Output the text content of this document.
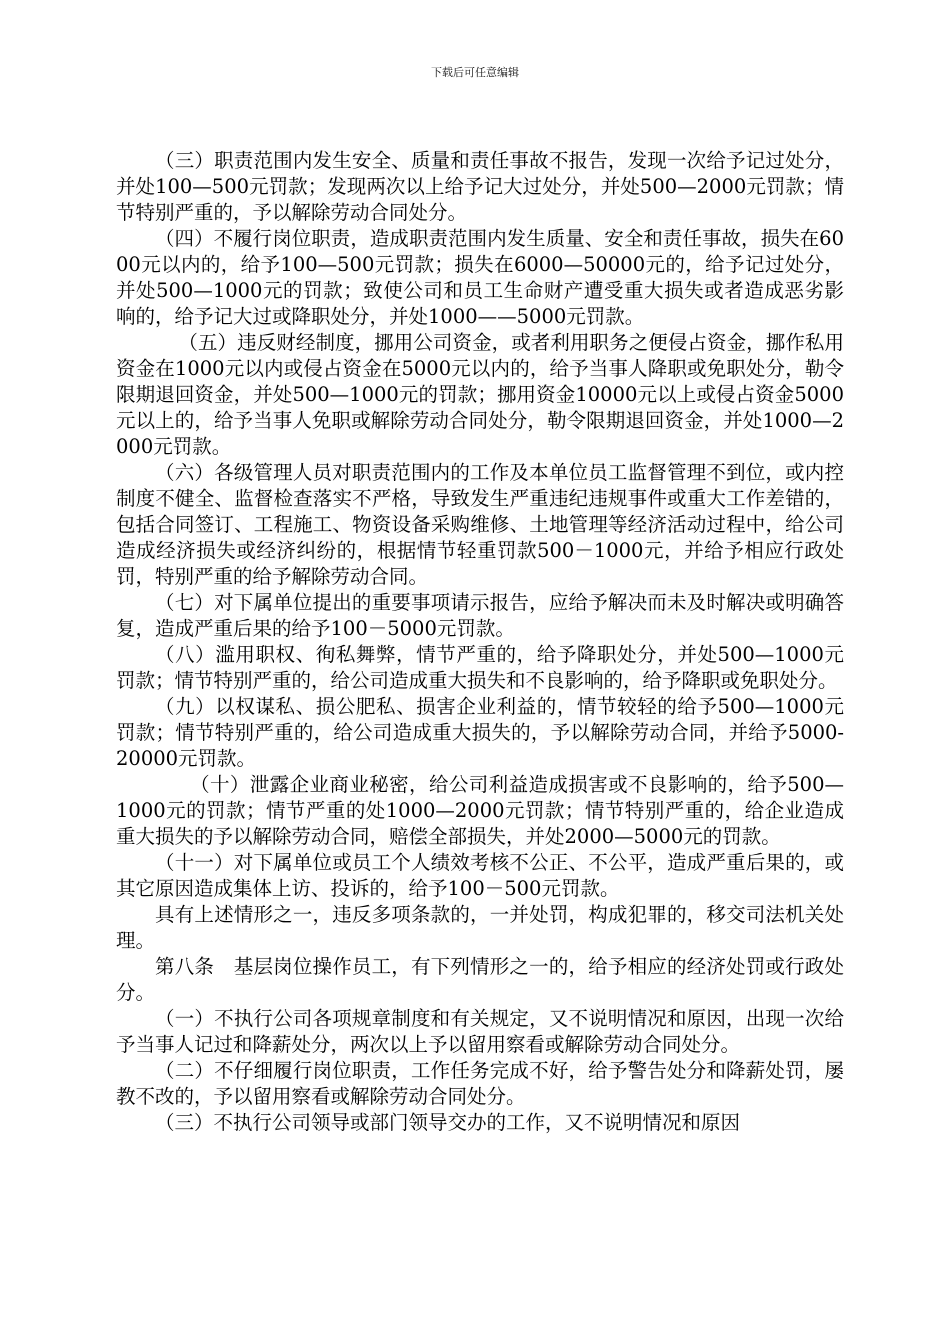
下载后可任意编辑

（三）职责范围内发生安全、质量和责任事故不报告，发现一次给予记过处分，并处100—500元罚款；发现两次以上给予记大过处分，并处500—2000元罚款；情节特别严重的，予以解除劳动合同处分。

（四）不履行岗位职责，造成职责范围内发生质量、安全和责任事故，损失在6000元以内的，给予100—500元罚款；损失在6000—50000元的，给予记过处分，并处500—1000元的罚款；致使公司和员工生命财产遭受重大损失或者造成恶劣影响的，给予记大过或降职处分，并处1000——5000元罚款。

（五）违反财经制度，挪用公司资金，或者利用职务之便侵占资金，挪作私用资金在1000元以内或侵占资金在5000元以内的，给予当事人降职或免职处分，勒令限期退回资金，并处500—1000元的罚款；挪用资金10000元以上或侵占资金5000元以上的，给予当事人免职或解除劳动合同处分，勒令限期退回资金，并处1000—2000元罚款。

（六）各级管理人员对职责范围内的工作及本单位员工监督管理不到位，或内控制度不健全、监督检查落实不严格，导致发生严重违纪违规事件或重大工作差错的，包括合同签订、工程施工、物资设备采购维修、土地管理等经济活动过程中，给公司造成经济损失或经济纠纷的，根据情节轻重罚款500－1000元，并给予相应行政处罚，特别严重的给予解除劳动合同。

（七）对下属单位提出的重要事项请示报告，应给予解决而未及时解决或明确答复，造成严重后果的给予100－5000元罚款。

（八）滥用职权、徇私舞弊，情节严重的，给予降职处分，并处500—1000元罚款；情节特别严重的，给公司造成重大损失和不良影响的，给予降职或免职处分。

（九）以权谋私、损公肥私、损害企业利益的，情节较轻的给予500—1000元罚款；情节特别严重的，给公司造成重大损失的，予以解除劳动合同，并给予5000-20000元罚款。

（十）泄露企业商业秘密，给公司利益造成损害或不良影响的，给予500—1000元的罚款；情节严重的处1000—2000元罚款；情节特别严重的，给企业造成重大损失的予以解除劳动合同，赔偿全部损失，并处2000—5000元的罚款。

（十一）对下属单位或员工个人绩效考核不公正、不公平，造成严重后果的，或其它原因造成集体上访、投诉的，给予100－500元罚款。

具有上述情形之一，违反多项条款的，一并处罚，构成犯罪的，移交司法机关处理。

第八条　基层岗位操作员工，有下列情形之一的，给予相应的经济处罚或行政处分。

（一）不执行公司各项规章制度和有关规定，又不说明情况和原因，出现一次给予当事人记过和降薪处分，两次以上予以留用察看或解除劳动合同处分。

（二）不仔细履行岗位职责，工作任务完成不好，给予警告处分和降薪处罚，屡教不改的，予以留用察看或解除劳动合同处分。

（三）不执行公司领导或部门领导交办的工作，又不说明情况和原因
